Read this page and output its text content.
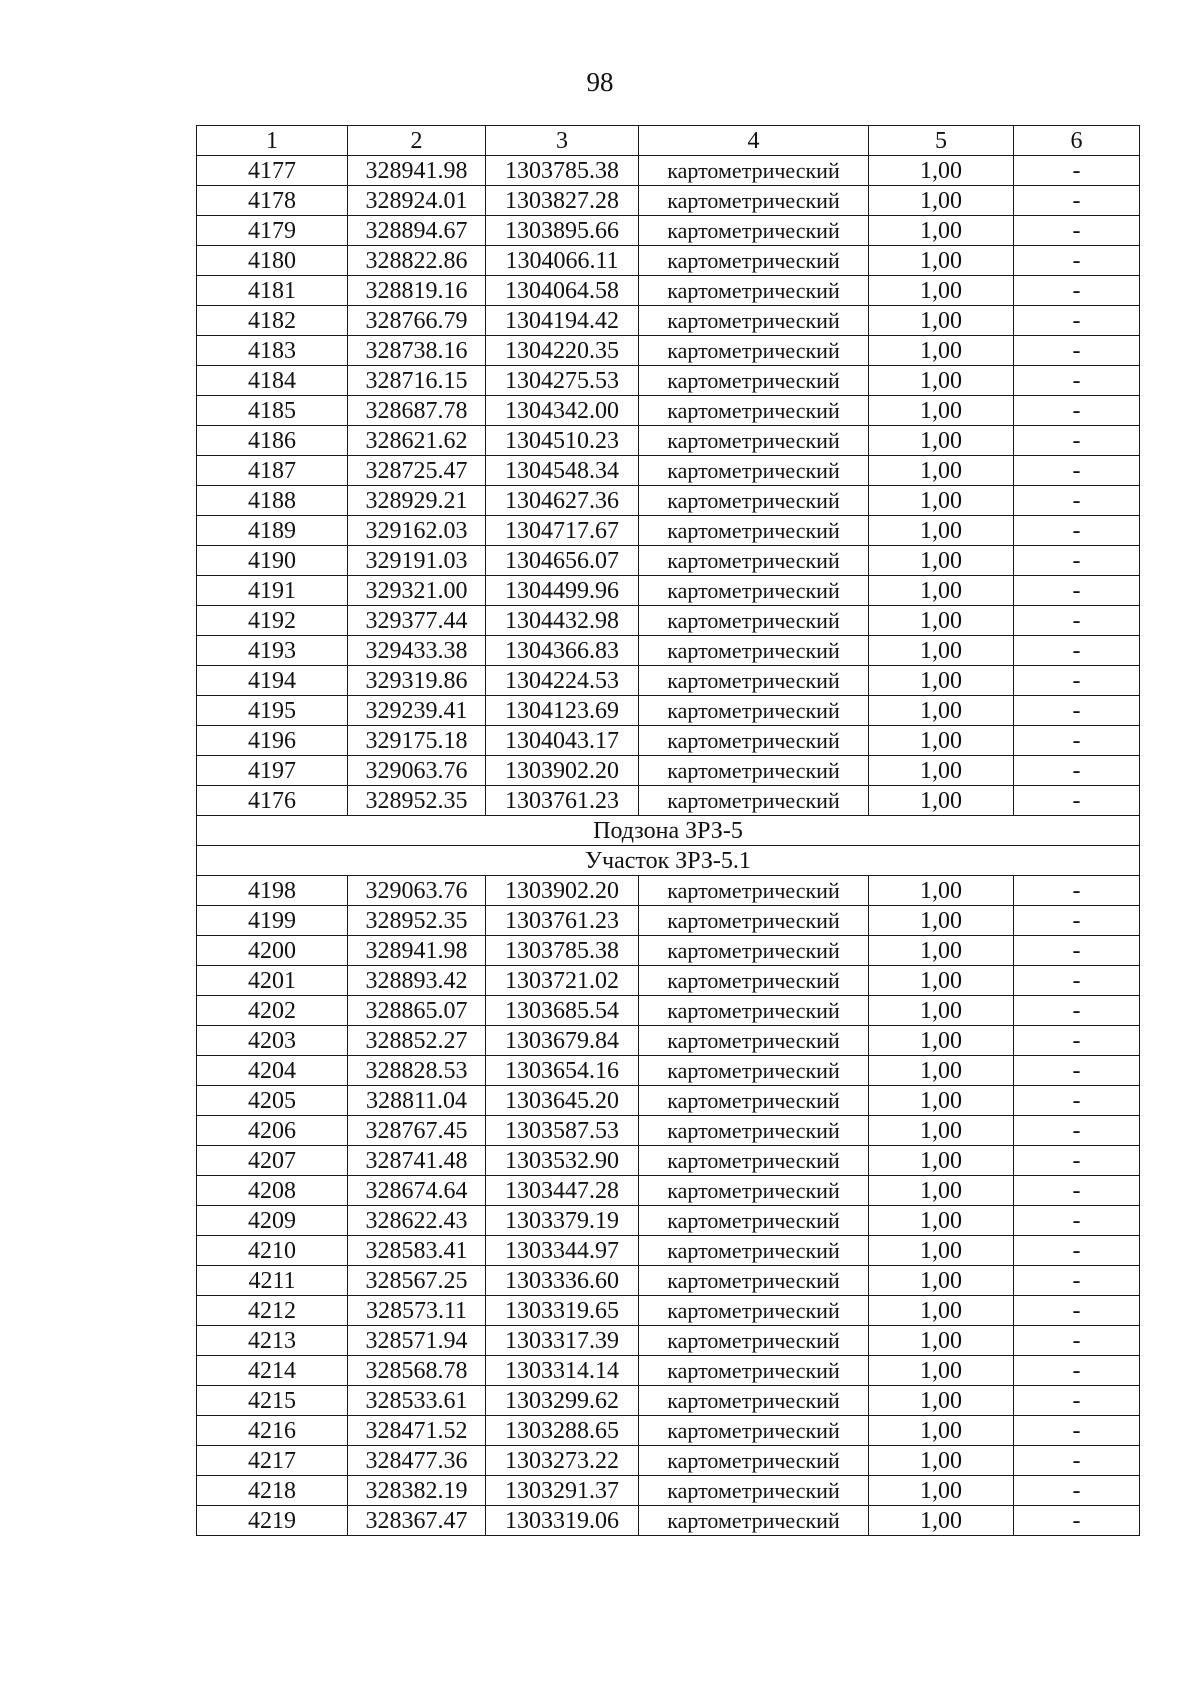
98
1	2	3	4	5	6
4177	328941.98	1303785.38	картометрический	1,00	-
4178	328924.01	1303827.28	картометрический	1,00	-
4179	328894.67	1303895.66	картометрический	1,00	-
4180	328822.86	1304066.11	картометрический	1,00	-
4181	328819.16	1304064.58	картометрический	1,00	-
4182	328766.79	1304194.42	картометрический	1,00	-
4183	328738.16	1304220.35	картометрический	1,00	-
4184	328716.15	1304275.53	картометрический	1,00	-
4185	328687.78	1304342.00	картометрический	1,00	-
4186	328621.62	1304510.23	картометрический	1,00	-
4187	328725.47	1304548.34	картометрический	1,00	-
4188	328929.21	1304627.36	картометрический	1,00	-
4189	329162.03	1304717.67	картометрический	1,00	-
4190	329191.03	1304656.07	картометрический	1,00	-
4191	329321.00	1304499.96	картометрический	1,00	-
4192	329377.44	1304432.98	картометрический	1,00	-
4193	329433.38	1304366.83	картометрический	1,00	-
4194	329319.86	1304224.53	картометрический	1,00	-
4195	329239.41	1304123.69	картометрический	1,00	-
4196	329175.18	1304043.17	картометрический	1,00	-
4197	329063.76	1303902.20	картометрический	1,00	-
4176	328952.35	1303761.23	картометрический	1,00	-
Подзона ЗРЗ-5					
Участок ЗРЗ-5.1					
4198	329063.76	1303902.20	картометрический	1,00	-
4199	328952.35	1303761.23	картометрический	1,00	-
4200	328941.98	1303785.38	картометрический	1,00	-
4201	328893.42	1303721.02	картометрический	1,00	-
4202	328865.07	1303685.54	картометрический	1,00	-
4203	328852.27	1303679.84	картометрический	1,00	-
4204	328828.53	1303654.16	картометрический	1,00	-
4205	328811.04	1303645.20	картометрический	1,00	-
4206	328767.45	1303587.53	картометрический	1,00	-
4207	328741.48	1303532.90	картометрический	1,00	-
4208	328674.64	1303447.28	картометрический	1,00	-
4209	328622.43	1303379.19	картометрический	1,00	-
4210	328583.41	1303344.97	картометрический	1,00	-
4211	328567.25	1303336.60	картометрический	1,00	-
4212	328573.11	1303319.65	картометрический	1,00	-
4213	328571.94	1303317.39	картометрический	1,00	-
4214	328568.78	1303314.14	картометрический	1,00	-
4215	328533.61	1303299.62	картометрический	1,00	-
4216	328471.52	1303288.65	картометрический	1,00	-
4217	328477.36	1303273.22	картометрический	1,00	-
4218	328382.19	1303291.37	картометрический	1,00	-
4219	328367.47	1303319.06	картометрический	1,00	-
